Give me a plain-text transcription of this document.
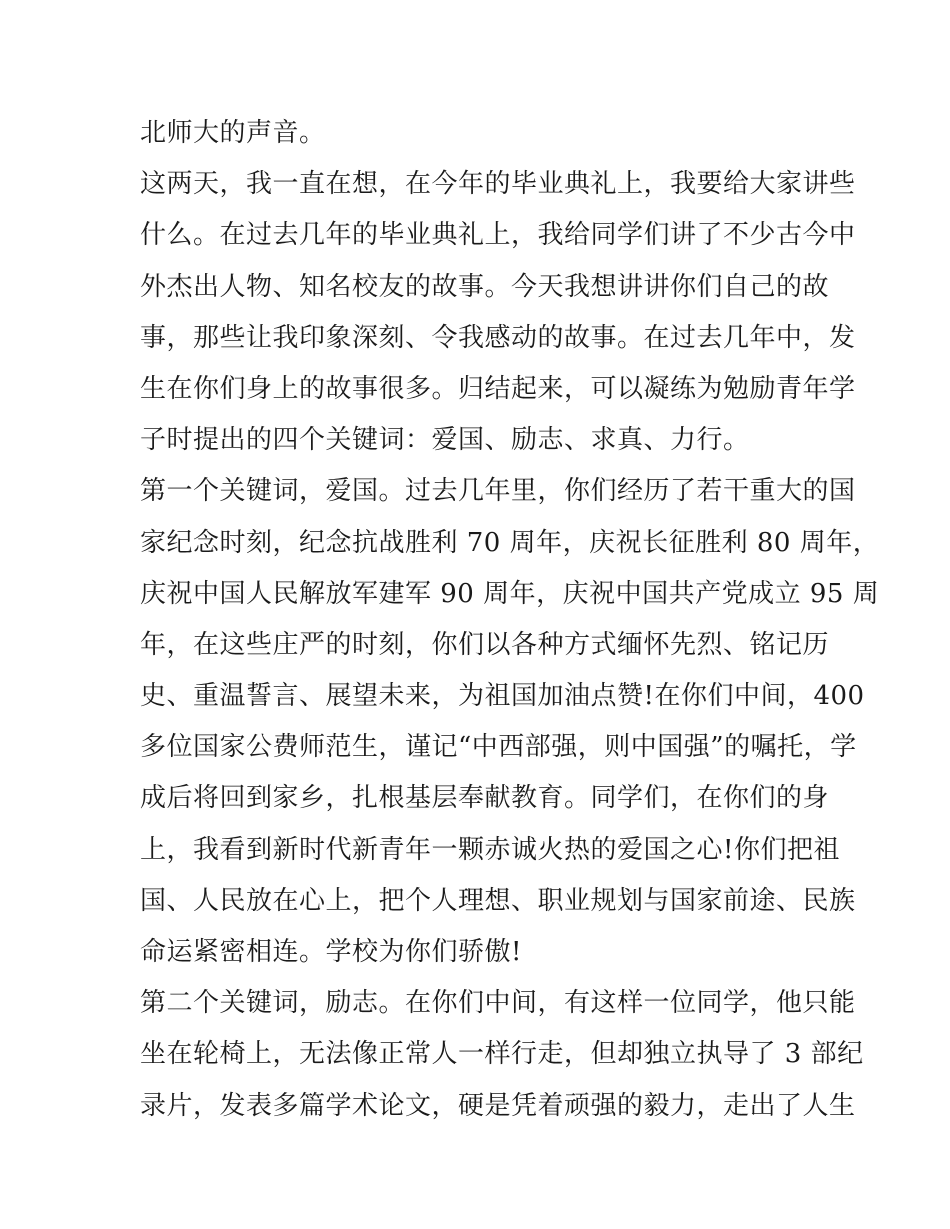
北师大的声音。
这两天，我一直在想，在今年的毕业典礼上，我要给大家讲些
什么。在过去几年的毕业典礼上，我给同学们讲了不少古今中
外杰出人物、知名校友的故事。今天我想讲讲你们自己的故
事，那些让我印象深刻、令我感动的故事。在过去几年中，发
生在你们身上的故事很多。归结起来，可以凝练为勉励青年学
子时提出的四个关键词：爱国、励志、求真、力行。
第一个关键词，爱国。过去几年里，你们经历了若干重大的国
家纪念时刻，纪念抗战胜利 70 周年，庆祝长征胜利 80 周年，
庆祝中国人民解放军建军 90 周年，庆祝中国共产党成立 95 周
年，在这些庄严的时刻，你们以各种方式缅怀先烈、铭记历
史、重温誓言、展望未来，为祖国加油点赞!在你们中间，400
多位国家公费师范生，谨记“中西部强，则中国强”的嘱托，学
成后将回到家乡，扎根基层奉献教育。同学们，在你们的身
上，我看到新时代新青年一颗赤诚火热的爱国之心!你们把祖
国、人民放在心上，把个人理想、职业规划与国家前途、民族
命运紧密相连。学校为你们骄傲!
第二个关键词，励志。在你们中间，有这样一位同学，他只能
坐在轮椅上，无法像正常人一样行走，但却独立执导了 3 部纪
录片，发表多篇学术论文，硬是凭着顽强的毅力，走出了人生
